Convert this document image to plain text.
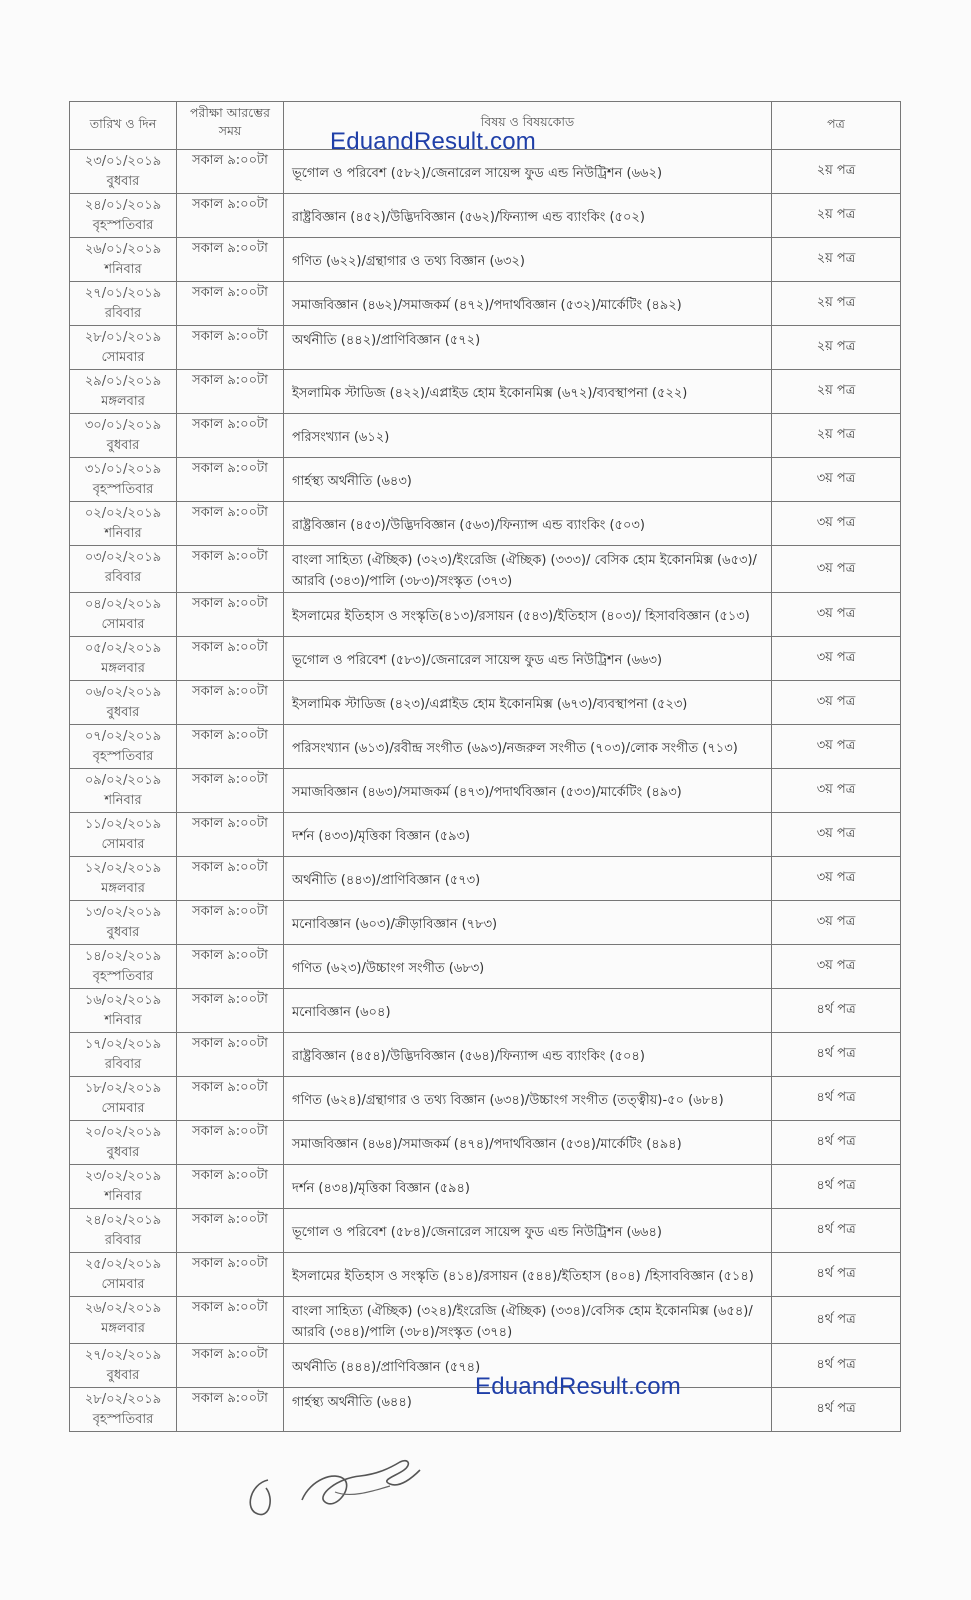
তারিখ ও দিন	পরীক্ষা আরম্ভের সময়	বিষয় ও বিষয়কোড	পত্র

২৩/০১/২০১৯
বুধবার	সকাল ৯:০০টা	ভূগোল ও পরিবেশ (৫৮২)/জেনারেল সায়েন্স ফুড এন্ড নিউট্রিশন (৬৬২)	২য় পত্র

২৪/০১/২০১৯
বৃহস্পতিবার	সকাল ৯:০০টা	রাষ্ট্রবিজ্ঞান (৪৫২)/উদ্ভিদবিজ্ঞান (৫৬২)/ফিন্যান্স এন্ড ব্যাংকিং (৫০২)	২য় পত্র

২৬/০১/২০১৯
শনিবার	সকাল ৯:০০টা	গণিত (৬২২)/গ্রন্থাগার ও তথ্য বিজ্ঞান (৬৩২)	২য় পত্র

২৭/০১/২০১৯
রবিবার	সকাল ৯:০০টা	সমাজবিজ্ঞান (৪৬২)/সমাজকর্ম (৪৭২)/পদার্থবিজ্ঞান (৫৩২)/মার্কেটিং (৪৯২)	২য় পত্র

২৮/০১/২০১৯
সোমবার	সকাল ৯:০০টা	অর্থনীতি (৪৪২)/প্রাণিবিজ্ঞান (৫৭২)	২য় পত্র

২৯/০১/২০১৯
মঙ্গলবার	সকাল ৯:০০টা	ইসলামিক স্টাডিজ (৪২২)/এপ্লাইড হোম ইকোনমিক্স (৬৭২)/ব্যবস্থাপনা (৫২২)	২য় পত্র

৩০/০১/২০১৯
বুধবার	সকাল ৯:০০টা	পরিসংখ্যান (৬১২)	২য় পত্র

৩১/০১/২০১৯
বৃহস্পতিবার	সকাল ৯:০০টা	গার্হস্থ্য অর্থনীতি (৬৪৩)	৩য় পত্র

০২/০২/২০১৯
শনিবার	সকাল ৯:০০টা	রাষ্ট্রবিজ্ঞান (৪৫৩)/উদ্ভিদবিজ্ঞান (৫৬৩)/ফিন্যান্স এন্ড ব্যাংকিং (৫০৩)	৩য় পত্র

০৩/০২/২০১৯
রবিবার	সকাল ৯:০০টা	বাংলা সাহিত্য (ঐচ্ছিক) (৩২৩)/ইংরেজি (ঐচ্ছিক) (৩৩৩)/ বেসিক হোম ইকোনমিক্স (৬৫৩)/আরবি (৩৪৩)/পালি (৩৮৩)/সংস্কৃত (৩৭৩)	৩য় পত্র

০৪/০২/২০১৯
সোমবার	সকাল ৯:০০টা	ইসলামের ইতিহাস ও সংস্কৃতি(৪১৩)/রসায়ন (৫৪৩)/ইতিহাস (৪০৩)/ হিসাববিজ্ঞান (৫১৩)	৩য় পত্র

০৫/০২/২০১৯
মঙ্গলবার	সকাল ৯:০০টা	ভূগোল ও পরিবেশ (৫৮৩)/জেনারেল সায়েন্স ফুড এন্ড নিউট্রিশন (৬৬৩)	৩য় পত্র

০৬/০২/২০১৯
বুধবার	সকাল ৯:০০টা	ইসলামিক স্টাডিজ (৪২৩)/এপ্লাইড হোম ইকোনমিক্স (৬৭৩)/ব্যবস্থাপনা (৫২৩)	৩য় পত্র

০৭/০২/২০১৯
বৃহস্পতিবার	সকাল ৯:০০টা	পরিসংখ্যান (৬১৩)/রবীন্দ্র সংগীত (৬৯৩)/নজরুল সংগীত (৭০৩)/লোক সংগীত (৭১৩)	৩য় পত্র

০৯/০২/২০১৯
শনিবার	সকাল ৯:০০টা	সমাজবিজ্ঞান (৪৬৩)/সমাজকর্ম (৪৭৩)/পদার্থবিজ্ঞান (৫৩৩)/মার্কেটিং (৪৯৩)	৩য় পত্র

১১/০২/২০১৯
সোমবার	সকাল ৯:০০টা	দর্শন (৪৩৩)/মৃত্তিকা বিজ্ঞান (৫৯৩)	৩য় পত্র

১২/০২/২০১৯
মঙ্গলবার	সকাল ৯:০০টা	অর্থনীতি (৪৪৩)/প্রাণিবিজ্ঞান (৫৭৩)	৩য় পত্র

১৩/০২/২০১৯
বুধবার	সকাল ৯:০০টা	মনোবিজ্ঞান (৬০৩)/ক্রীড়াবিজ্ঞান (৭৮৩)	৩য় পত্র

১৪/০২/২০১৯
বৃহস্পতিবার	সকাল ৯:০০টা	গণিত (৬২৩)/উচ্চাংগ সংগীত (৬৮৩)	৩য় পত্র

১৬/০২/২০১৯
শনিবার	সকাল ৯:০০টা	মনোবিজ্ঞান (৬০৪)	৪র্থ পত্র

১৭/০২/২০১৯
রবিবার	সকাল ৯:০০টা	রাষ্ট্রবিজ্ঞান (৪৫৪)/উদ্ভিদবিজ্ঞান (৫৬৪)/ফিন্যান্স এন্ড ব্যাংকিং (৫০৪)	৪র্থ পত্র

১৮/০২/২০১৯
সোমবার	সকাল ৯:০০টা	গণিত (৬২৪)/গ্রন্থাগার ও তথ্য বিজ্ঞান (৬৩৪)/উচ্চাংগ সংগীত (তত্ত্বীয়)-৫০ (৬৮৪)	৪র্থ পত্র

২০/০২/২০১৯
বুধবার	সকাল ৯:০০টা	সমাজবিজ্ঞান (৪৬৪)/সমাজকর্ম (৪৭৪)/পদার্থবিজ্ঞান (৫৩৪)/মার্কেটিং (৪৯৪)	৪র্থ পত্র

২৩/০২/২০১৯
শনিবার	সকাল ৯:০০টা	দর্শন (৪৩৪)/মৃত্তিকা বিজ্ঞান (৫৯৪)	৪র্থ পত্র

২৪/০২/২০১৯
রবিবার	সকাল ৯:০০টা	ভূগোল ও পরিবেশ (৫৮৪)/জেনারেল সায়েন্স ফুড এন্ড নিউট্রিশন (৬৬৪)	৪র্থ পত্র

২৫/০২/২০১৯
সোমবার	সকাল ৯:০০টা	ইসলামের ইতিহাস ও সংস্কৃতি (৪১৪)/রসায়ন (৫৪৪)/ইতিহাস (৪০৪) /হিসাববিজ্ঞান (৫১৪)	৪র্থ পত্র

২৬/০২/২০১৯
মঙ্গলবার	সকাল ৯:০০টা	বাংলা সাহিত্য (ঐচ্ছিক) (৩২৪)/ইংরেজি (ঐচ্ছিক) (৩৩৪)/বেসিক হোম ইকোনমিক্স (৬৫৪)/আরবি (৩৪৪)/পালি (৩৮৪)/সংস্কৃত (৩৭৪)	৪র্থ পত্র

২৭/০২/২০১৯
বুধবার	সকাল ৯:০০টা	অর্থনীতি (৪৪৪)/প্রাণিবিজ্ঞান (৫৭৪)	৪র্থ পত্র

২৮/০২/২০১৯
বৃহস্পতিবার	সকাল ৯:০০টা	গার্হস্থ্য অর্থনীতি (৬৪৪)	৪র্থ পত্র
EduandResult.com
EduandResult.com
